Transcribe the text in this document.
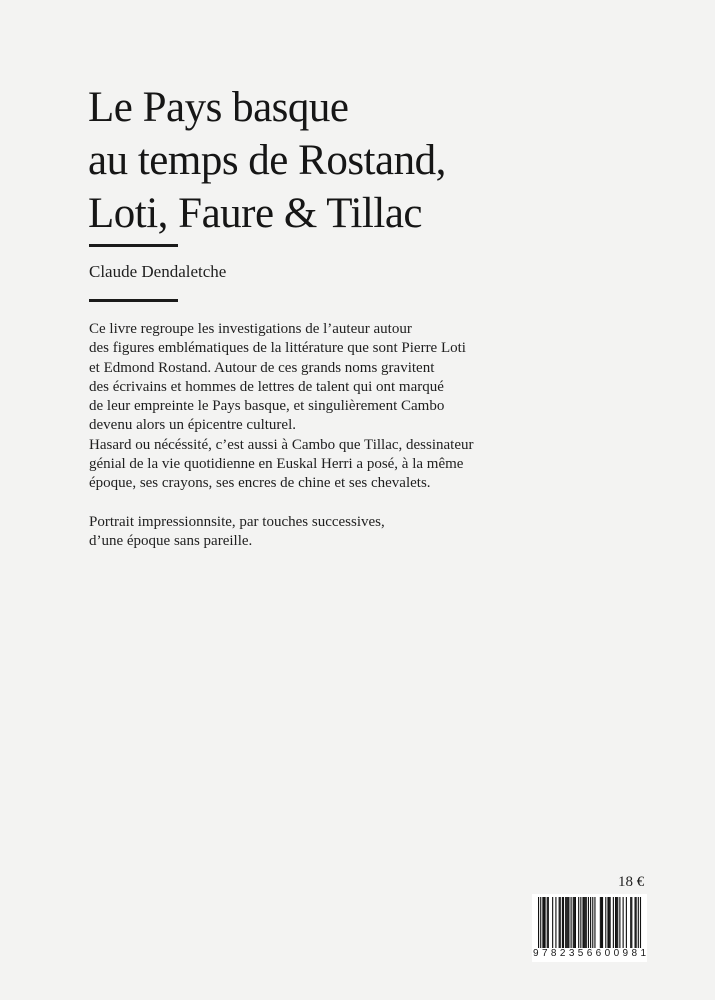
Le Pays basque
au temps de Rostand,
Loti, Faure & Tillac
Claude Dendaletche
Ce livre regroupe les investigations de l’auteur autour
des figures emblématiques de la littérature que sont Pierre Loti
et Edmond Rostand. Autour de ces grands noms gravitent
des écrivains et hommes de lettres de talent qui ont marqué
de leur empreinte le Pays basque, et singulièrement Cambo
devenu alors un épicentre culturel.
Hasard ou nécéssité, c’est aussi à Cambo que Tillac, dessinateur
génial de la vie quotidienne en Euskal Herri a posé, à la même
époque, ses crayons, ses encres de chine et ses chevalets.
Portrait impressionnsite, par touches successives,
d’une époque sans pareille.
18 €
9 7 8 2 3 5 6 6 0 0 9 8 1
